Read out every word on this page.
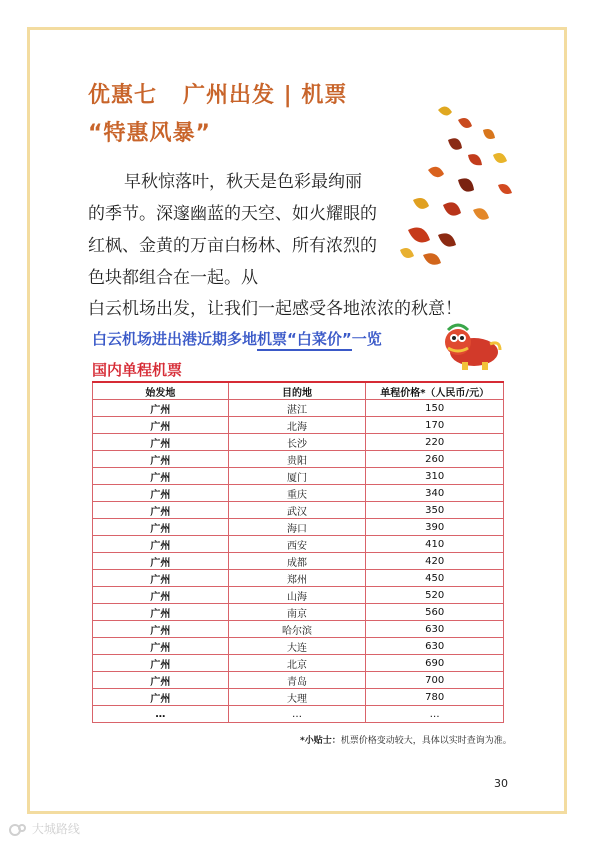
优惠七 广州出发 | 机票
“特惠风暴”
早秋惊落叶，秋天是色彩最绚丽的季节。深邃幽蓝的天空、如火耀眼的红枫、金黄的万亩白杨林、所有浓烈的色块都组合在一起。从
白云机场出发，让我们一起感受各地浓浓的秋意！
白云机场进出港近期多地机票“白菜价”一览
国内单程机票
始发地	目的地	单程价格*（人民币/元）
广州	湛江	150
广州	北海	170
广州	长沙	220
广州	贵阳	260
广州	厦门	310
广州	重庆	340
广州	武汉	350
广州	海口	390
广州	西安	410
广州	成都	420
广州	郑州	450
广州	山海	520
广州	南京	560
广州	哈尔滨	630
广州	大连	630
广州	北京	690
广州	青岛	700
广州	大理	780
…	…	…
*小贴士：机票价格变动较大，具体以实时查询为准。
30
大城路线
